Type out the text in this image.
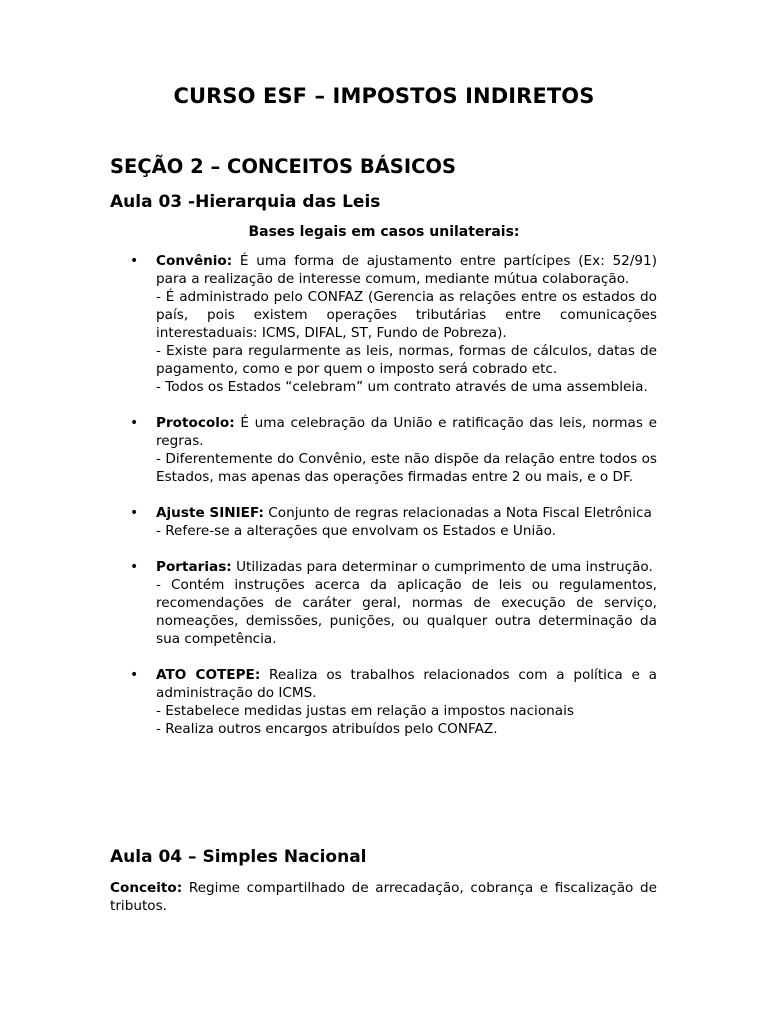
CURSO ESF – IMPOSTOS INDIRETOS
SEÇÃO 2 – CONCEITOS BÁSICOS
Aula 03 -Hierarquia das Leis
Bases legais em casos unilaterais:
• Convênio: É uma forma de ajustamento entre partícipes (Ex: 52/91) para a realização de interesse comum, mediante mútua colaboração.

- É administrado pelo CONFAZ (Gerencia as relações entre os estados do país, pois existem operações tributárias entre comunicações interestaduais: ICMS, DIFAL, ST, Fundo de Pobreza).

- Existe para regularmente as leis, normas, formas de cálculos, datas de pagamento, como e por quem o imposto será cobrado etc.

- Todos os Estados “celebram” um contrato através de uma assembleia.

• Protocolo: É uma celebração da União e ratificação das leis, normas e regras.

- Diferentemente do Convênio, este não dispõe da relação entre todos os Estados, mas apenas das operações firmadas entre 2 ou mais, e o DF.

• Ajuste SINIEF: Conjunto de regras relacionadas a Nota Fiscal Eletrônica

- Refere-se a alterações que envolvam os Estados e União.

• Portarias: Utilizadas para determinar o cumprimento de uma instrução.

- Contém instruções acerca da aplicação de leis ou regulamentos, recomendações de caráter geral, normas de execução de serviço, nomeações, demissões, punições, ou qualquer outra determinação da sua competência.

• ATO COTEPE: Realiza os trabalhos relacionados com a política e a administração do ICMS.

- Estabelece medidas justas em relação a impostos nacionais

- Realiza outros encargos atribuídos pelo CONFAZ.

Aula 04 – Simples Nacional

Conceito: Regime compartilhado de arrecadação, cobrança e fiscalização de tributos.
